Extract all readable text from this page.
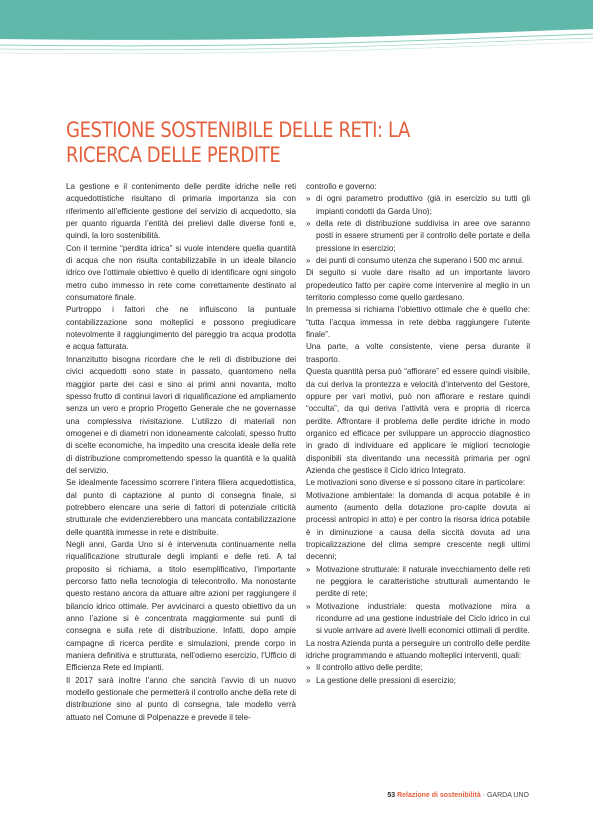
GESTIONE SOSTENIBILE DELLE RETI: LA RICERCA DELLE PERDITE

La gestione e il contenimento delle perdite idriche nelle reti acquedottistiche risultano di primaria importanza sia con riferimento all’efficiente gestione del servizio di acquedotto, sia per quanto riguarda l’entità dei prelievi dalle diverse fonti e, quindi, la loro sostenibilità.

Con il termine “perdita idrica” si vuole intendere quella quantità di acqua che non risulta contabilizzabile in un ideale bilancio idrico ove l’ottimale obiettivo è quello di identificare ogni singolo metro cubo immesso in rete come correttamente destinato al consumatore finale.

Purtroppo i fattori che ne influiscono la puntuale contabilizzazione sono molteplici e possono pregiudicare notevolmente il raggiungimento del pareggio tra acqua prodotta e acqua fatturata.

Innanzitutto bisogna ricordare che le reti di distribuzione dei civici acquedotti sono state in passato, quantomeno nella maggior parte dei casi e sino ai primi anni novanta, molto spesso frutto di continui lavori di riqualificazione ed ampliamento senza un vero e proprio Progetto Generale che ne governasse una complessiva rivisitazione. L’utilizzo di materiali non omogenei e di diametri non idoneamente calcolati, spesso frutto di scelte economiche, ha impedito una crescita ideale della rete di distribuzione compromettendo spesso la quantità e la qualità del servizio.

Se idealmente facessimo scorrere l’intera filiera acquedottistica, dal punto di captazione al punto di consegna finale, si potrebbero elencare una serie di fattori di potenziale criticità strutturale che evidenzierebbero una mancata contabilizzazione delle quantità immesse in rete e distribuite.

Negli anni, Garda Uno si è intervenuta continuamente nella riqualificazione strutturale degli impianti e delle reti. A tal proposito si richiama, a titolo esemplificativo, l’importante percorso fatto nella tecnologia di telecontrollo. Ma nonostante questo restano ancora da attuare altre azioni per raggiungere il bilancio idrico ottimale. Per avvicinarci a questo obiettivo da un anno l’azione si è concentrata maggiormente sui punti di consegna e sulla rete di distribuzione. Infatti, dopo ampie campagne di ricerca perdite e simulazioni, prende corpo in maniera definitiva e strutturata, nell’odierno esercizio, l’Ufficio di Efficienza Rete ed Impianti.

Il 2017 sarà inoltre l’anno che sancirà l’avvio di un nuovo modello gestionale che permetterà il controllo anche della rete di distribuzione sino al punto di consegna, tale modello verrà attuato nel Comune di Polpenazze e prevede il tele-

controllo e governo:

» di ogni parametro produttivo (già in esercizio su tutti gli impianti condotti da Garda Uno);
» della rete di distribuzione suddivisa in aree ove saranno posti in essere strumenti per il controllo delle portate e della pressione in esercizio;
» dei punti di consumo utenza che superano i 500 mc annui.

Di seguito si vuole dare risalto ad un importante lavoro propedeutico fatto per capire come intervenire al meglio in un territorio complesso come quello gardesano.

In premessa si richiama l’obiettivo ottimale che è quello che: “tutta l’acqua immessa in rete debba raggiungere l’utente finale”.

Una parte, a volte consistente, viene persa durante il trasporto.

Questa quantità persa può “affiorare” ed essere quindi visibile, da cui deriva la prontezza e velocità d’intervento del Gestore, oppure per vari motivi, può non affiorare e restare quindi “occulta”, da qui deriva l’attività vera e propria di ricerca perdite. Affrontare il problema delle perdite idriche in modo organico ed efficace per sviluppare un approccio diagnostico in grado di individuare ed applicare le migliori tecnologie disponibili sta diventando una necessità primaria per ogni Azienda che gestisce il Ciclo idrico Integrato.

Le motivazioni sono diverse e si possono citare in particolare:

Motivazione ambientale: la domanda di acqua potabile è in aumento (aumento della dotazione pro-capite dovuta ai processi antropici in atto) e per contro la risorsa idrica potabile è in diminuzione a causa della siccità dovuta ad una tropicalizzazione del clima sempre crescente negli ultimi decenni;

» Motivazione strutturale: il naturale invecchiamento delle reti ne peggiora le caratteristiche strutturali aumentando le perdite di rete;
» Motivazione industriale: questa motivazione mira a ricondurre ad una gestione industriale del Ciclo idrico in cui si vuole arrivare ad avere livelli economici ottimali di perdite.

La nostra Azienda punta a perseguire un controllo delle perdite idriche programmando e attuando molteplici interventi, quali:

» Il controllo attivo delle perdite;
» La gestione delle pressioni di esercizio;
53 Relazione di sostenibilità · GARDA UNO
